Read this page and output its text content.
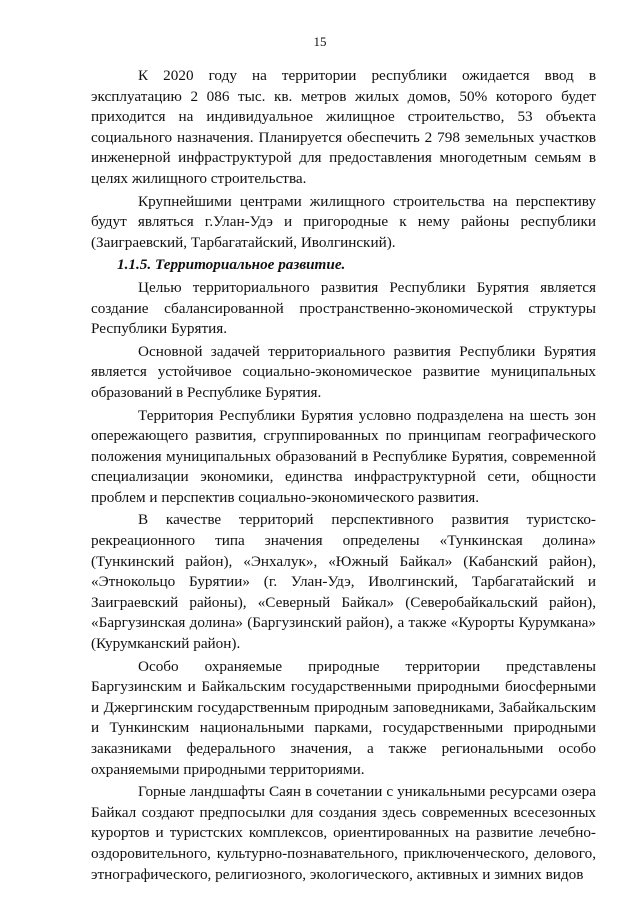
15

К 2020 году на территории республики ожидается ввод в эксплуатацию 2 086 тыс. кв. метров жилых домов, 50% которого будет приходится на индивидуальное жилищное строительство, 53 объекта социального назначения. Планируется обеспечить 2 798 земельных участков инженерной инфраструктурой для предоставления многодетным семьям в целях жилищного строительства.

Крупнейшими центрами жилищного строительства на перспективу будут являться г.Улан-Удэ и пригородные к нему районы республики (Заиграевский, Тарбагатайский, Иволгинский).

1.1.5. Территориальное развитие.

Целью территориального развития Республики Бурятия является создание сбалансированной пространственно-экономической структуры Республики Бурятия.

Основной задачей территориального развития Республики Бурятия является устойчивое социально-экономическое развитие муниципальных образований в Республике Бурятия.

Территория Республики Бурятия условно подразделена на шесть зон опережающего развития, сгруппированных по принципам географического положения муниципальных образований в Республике Бурятия, современной специализации экономики, единства инфраструктурной сети, общности проблем и перспектив социально-экономического развития.

В качестве территорий перспективного развития туристско-рекреационного типа значения определены «Тункинская долина» (Тункинский район), «Энхалук», «Южный Байкал» (Кабанский район), «Этнокольцо Бурятии» (г. Улан-Удэ, Иволгинский, Тарбагатайский и Заиграевский районы), «Северный Байкал» (Северобайкальский район), «Баргузинская долина» (Баргузинский район), а также «Курорты Курумкана» (Курумканский район).

Особо охраняемые природные территории представлены Баргузинским и Байкальским государственными природными биосферными и Джергинским государственным природным заповедниками, Забайкальским и Тункинским национальными парками, государственными природными заказниками федерального значения, а также региональными особо охраняемыми природными территориями.

Горные ландшафты Саян в сочетании с уникальными ресурсами озера Байкал создают предпосылки для создания здесь современных всесезонных курортов и туристских комплексов, ориентированных на развитие лечебно-оздоровительного, культурно-познавательного, приключенческого, делового, этнографического, религиозного, экологического, активных и зимних видов
